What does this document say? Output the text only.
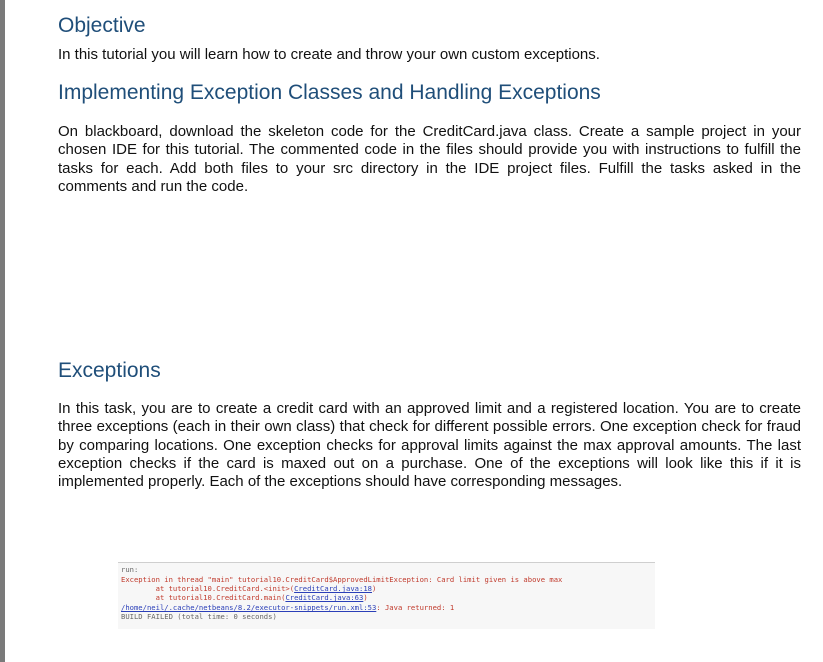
Objective

In this tutorial you will learn how to create and throw your own custom exceptions.

Implementing Exception Classes and Handling Exceptions

On blackboard, download the skeleton code for the CreditCard.java class. Create a sample project in your chosen IDE for this tutorial. The commented code in the files should provide you with instructions to fulfill the tasks for each. Add both files to your src directory in the IDE project files. Fulfill the tasks asked in the comments and run the code.

Exceptions

In this task, you are to create a credit card with an approved limit and a registered location. You are to create three exceptions (each in their own class) that check for different possible errors. One exception check for fraud by comparing locations. One exception checks for approval limits against the max approval amounts. The last exception checks if the card is maxed out on a purchase. One of the exceptions will look like this if it is implemented properly. Each of the exceptions should have corresponding messages.

run:
Exception in thread "main" tutorial10.CreditCard$ApprovedLimitException: Card limit given is above max
at tutorial10.CreditCard.<init>(CreditCard.java:18)
at tutorial10.CreditCard.main(CreditCard.java:63)
/home/neil/.cache/netbeans/8.2/executor-snippets/run.xml:53: Java returned: 1
BUILD FAILED (total time: 0 seconds)
